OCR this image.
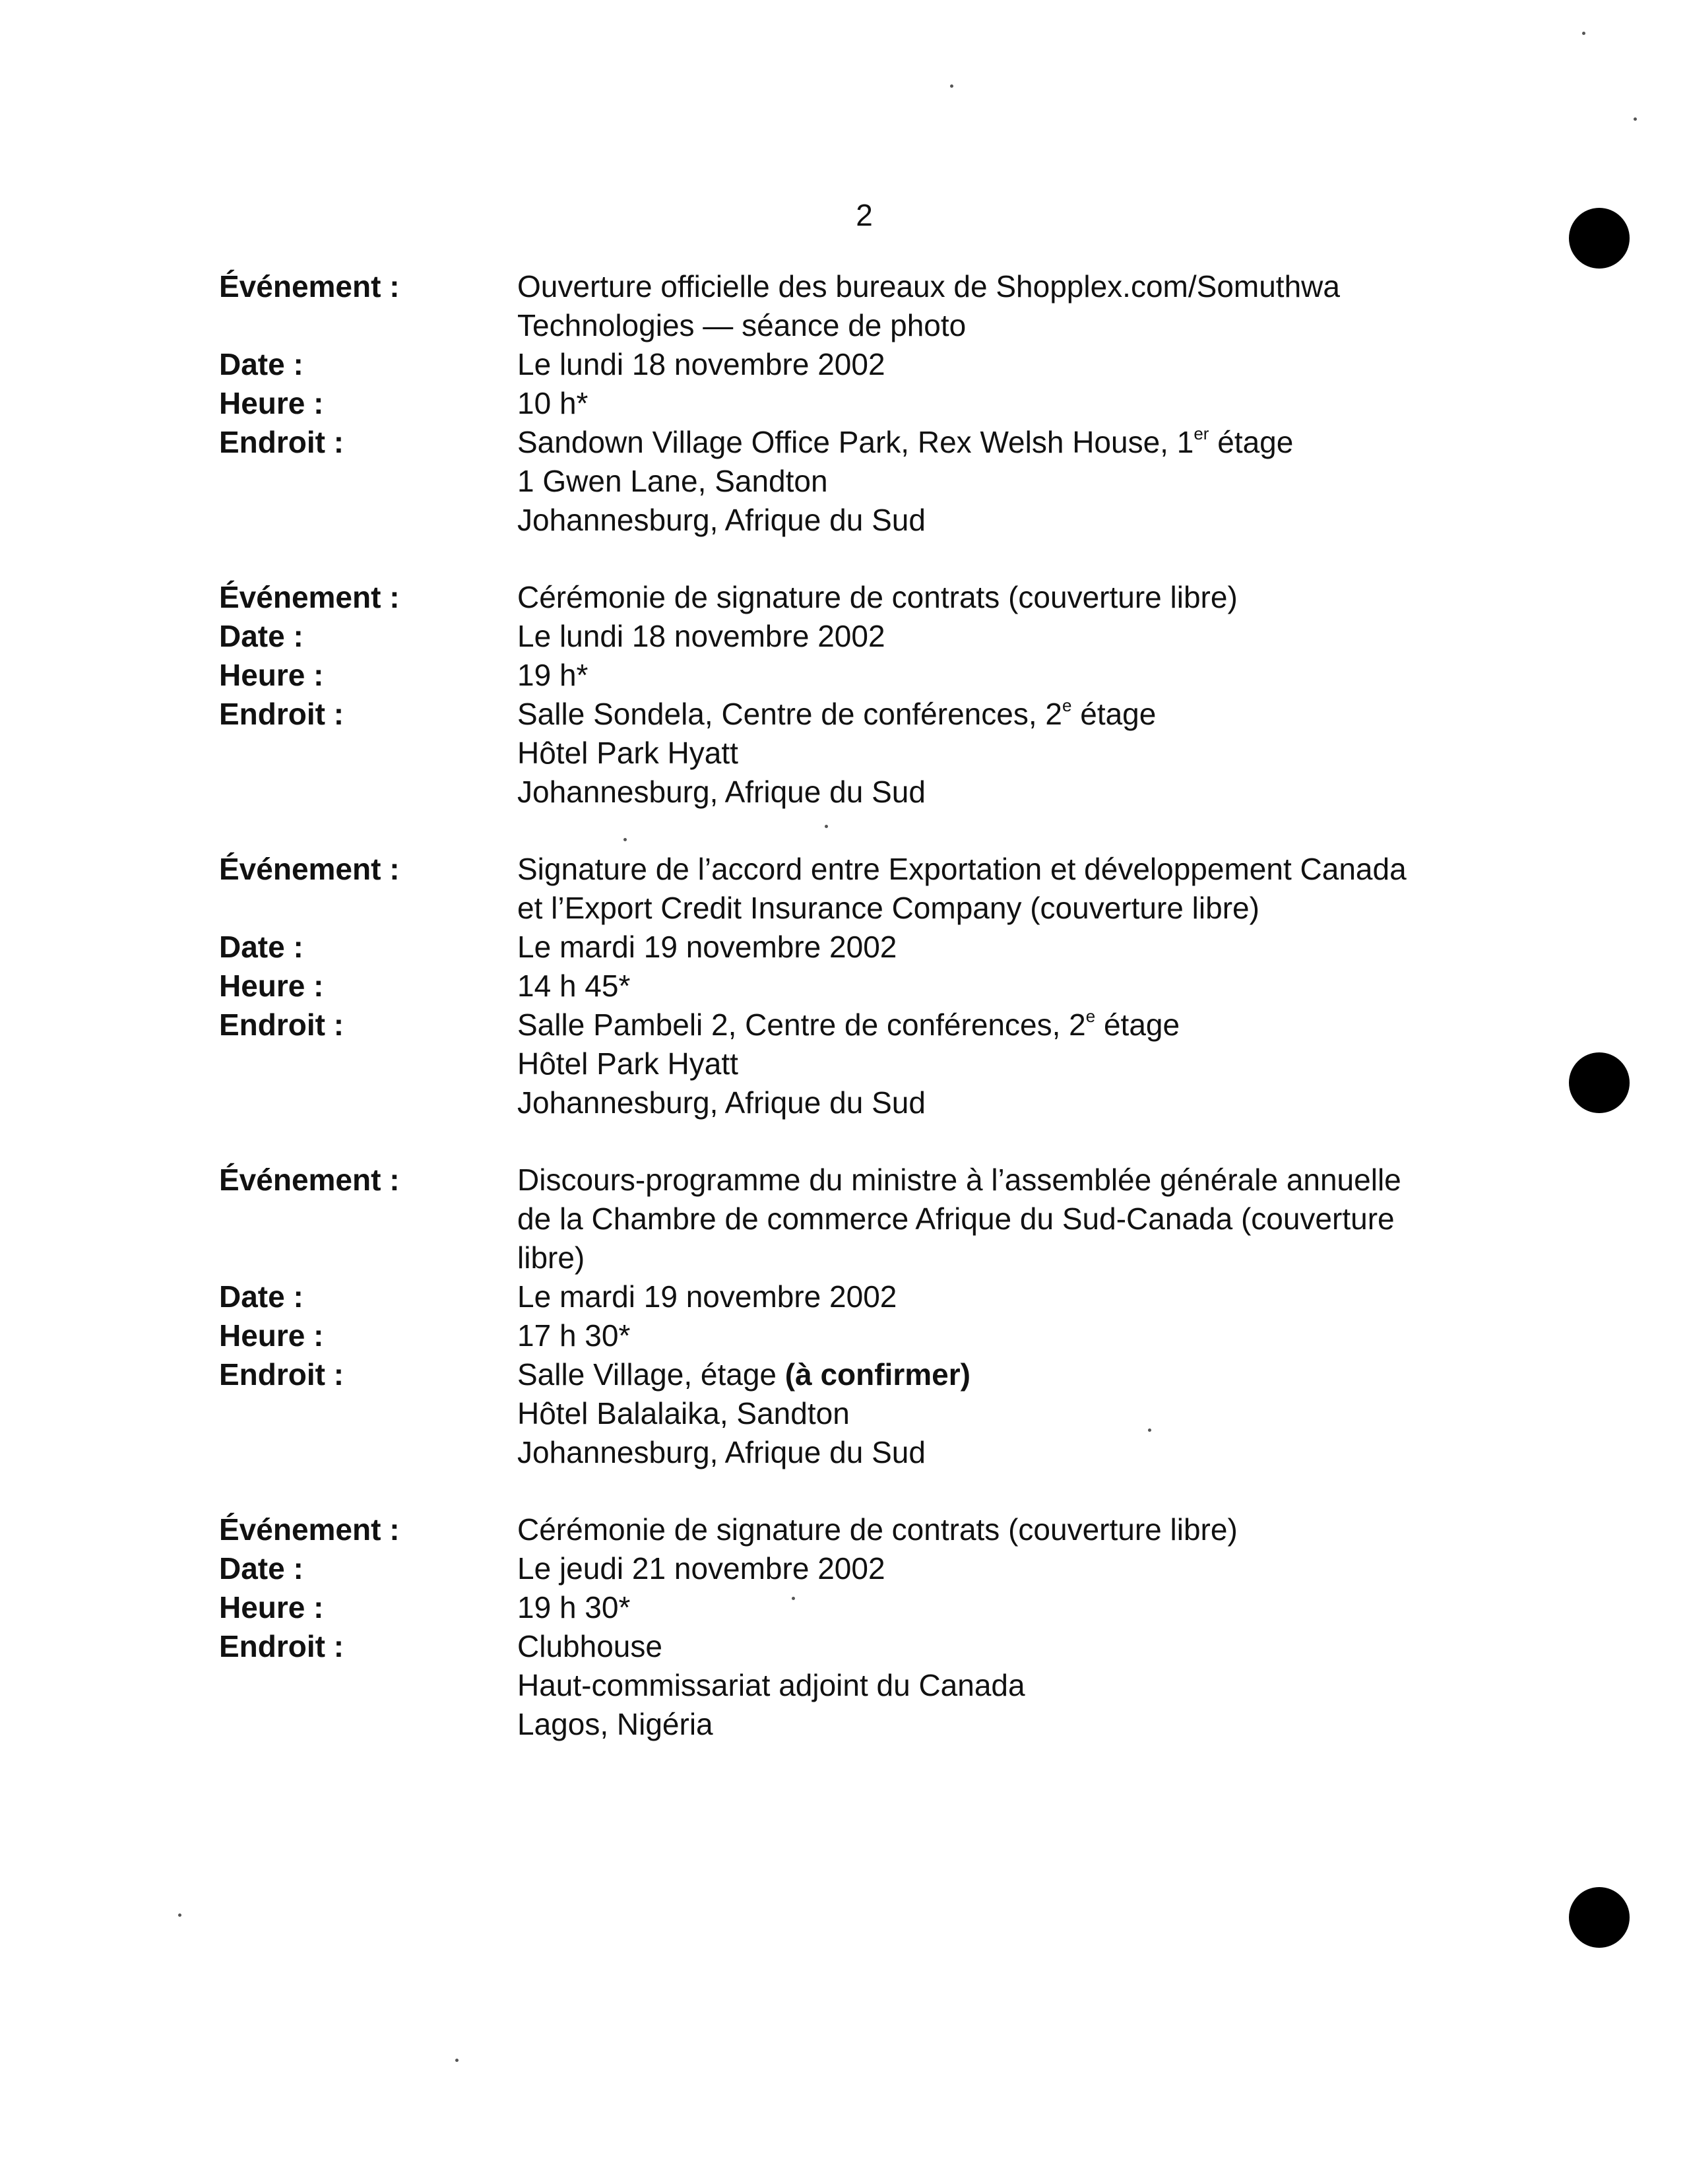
2
Événement :	Ouverture officielle des bureaux de Shopplex.com/Somuthwa
Technologies — séance de photo
Date :	Le lundi 18 novembre 2002
Heure :	10 h*
Endroit :	Sandown Village Office Park, Rex Welsh House, 1er étage
1 Gwen Lane, Sandton
Johannesburg, Afrique du Sud
Événement :	Cérémonie de signature de contrats (couverture libre)
Date :	Le lundi 18 novembre 2002
Heure :	19 h*
Endroit :	Salle Sondela, Centre de conférences, 2e étage
Hôtel Park Hyatt
Johannesburg, Afrique du Sud
Événement :	Signature de l’accord entre Exportation et développement Canada
et l’Export Credit Insurance Company (couverture libre)
Date :	Le mardi 19 novembre 2002
Heure :	14 h 45*
Endroit :	Salle Pambeli 2, Centre de conférences, 2e étage
Hôtel Park Hyatt
Johannesburg, Afrique du Sud
Événement :	Discours-programme du ministre à l’assemblée générale annuelle
de la Chambre de commerce Afrique du Sud-Canada (couverture
libre)
Date :	Le mardi 19 novembre 2002
Heure :	17 h 30*
Endroit :	Salle Village, étage (à confirmer)
Hôtel Balalaika, Sandton
Johannesburg, Afrique du Sud
Événement :	Cérémonie de signature de contrats (couverture libre)
Date :	Le jeudi 21 novembre 2002
Heure :	19 h 30*
Endroit :	Clubhouse
Haut-commissariat adjoint du Canada
Lagos, Nigéria
